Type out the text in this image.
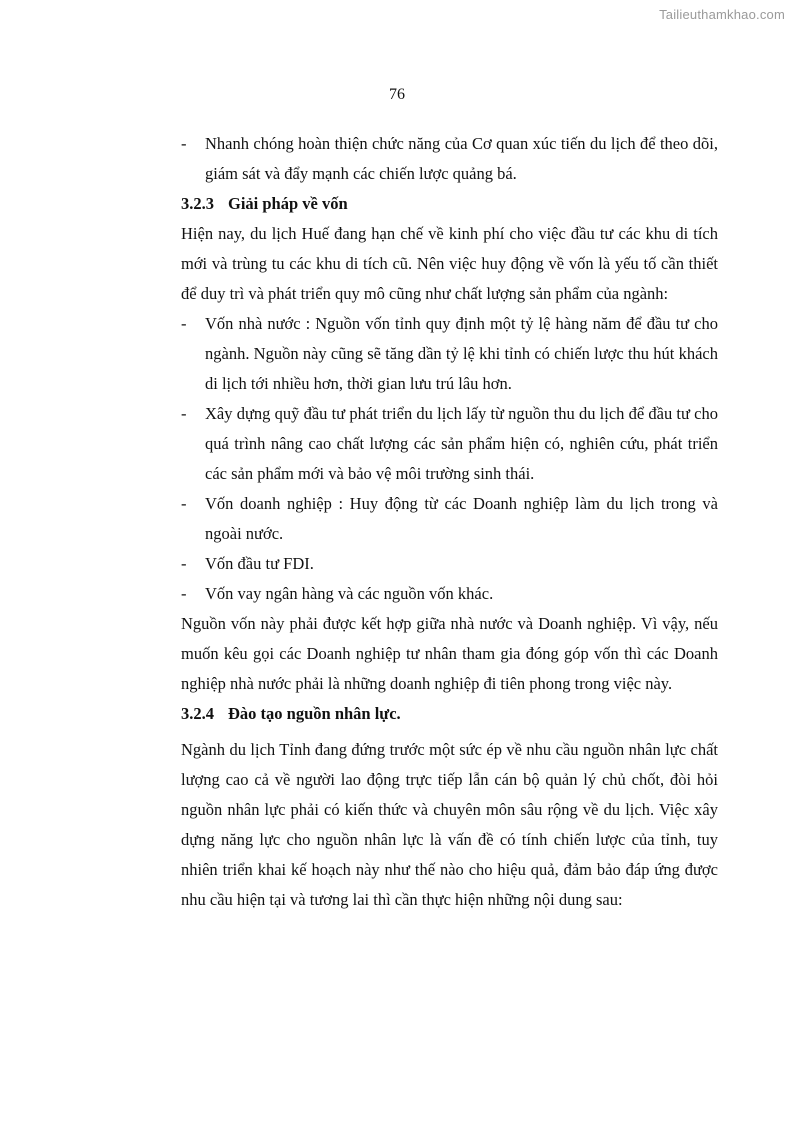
Tailieuthamkhao.com
76
- Nhanh chóng hoàn thiện chức năng của Cơ quan xúc tiến du lịch để theo dõi, giám sát và đẩy mạnh các chiến lược quảng bá.

3.2.3 Giải pháp về vốn

Hiện nay, du lịch Huế đang hạn chế về kinh phí cho việc đầu tư các khu di tích mới và trùng tu các khu di tích cũ. Nên việc huy động về vốn là yếu tố cần thiết để duy trì và phát triển quy mô cũng như chất lượng sản phẩm của ngành:

- Vốn nhà nước : Nguồn vốn tỉnh quy định một tỷ lệ hàng năm để đầu tư cho ngành. Nguồn này cũng sẽ tăng dần tỷ lệ khi tỉnh có chiến lược thu hút khách di lịch tới nhiều hơn, thời gian lưu trú lâu hơn.

- Xây dựng quỹ đầu tư phát triển du lịch lấy từ nguồn thu du lịch để đầu tư cho quá trình nâng cao chất lượng các sản phẩm hiện có, nghiên cứu, phát triển các sản phẩm mới và bảo vệ môi trường sinh thái.

- Vốn doanh nghiệp : Huy động từ các Doanh nghiệp làm du lịch trong và ngoài nước.

- Vốn đầu tư FDI.

- Vốn vay ngân hàng và các nguồn vốn khác.

Nguồn vốn này phải được kết hợp giữa nhà nước và Doanh nghiệp. Vì vậy, nếu muốn kêu gọi các Doanh nghiệp tư nhân tham gia đóng góp vốn thì các Doanh nghiệp nhà nước phải là những doanh nghiệp đi tiên phong trong việc này.

3.2.4 Đào tạo nguồn nhân lực.

Ngành du lịch Tỉnh đang đứng trước một sức ép về nhu cầu nguồn nhân lực chất lượng cao cả về người lao động trực tiếp lẫn cán bộ quản lý chủ chốt, đòi hỏi nguồn nhân lực phải có kiến thức và chuyên môn sâu rộng về du lịch. Việc xây dựng năng lực cho nguồn nhân lực là vấn đề có tính chiến lược của tỉnh, tuy nhiên triển khai kế hoạch này như thế nào cho hiệu quả, đảm bảo đáp ứng được nhu cầu hiện tại và tương lai thì cần thực hiện những nội dung sau:
